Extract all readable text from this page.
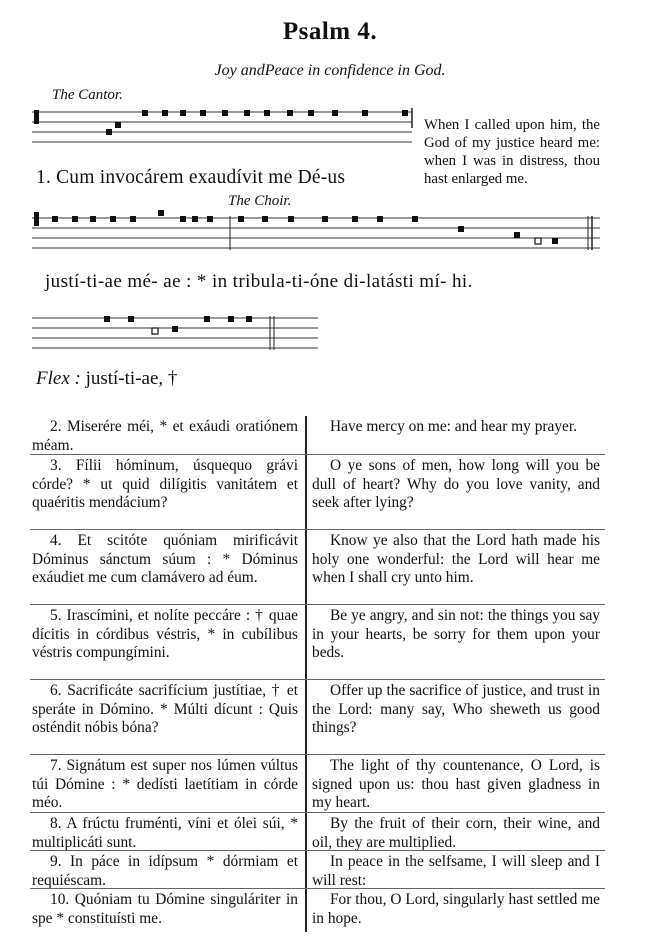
Psalm 4.
Joy andPeace in confidence in God.
The Cantor.
1. Cum invocárem exaudívit me Dé-us
When I called upon him, the God of my justice heard me: when I was in distress, thou hast enlarged me.
The Choir.
justí-ti-ae mé- ae : * in tribula-ti-óne di-latásti mí- hi.
Flex : justí-ti-ae, †
2. Miserére méi, * et exáudi oratiónem méam.
3. Fílii hóminum, úsquequo grávi córde? * ut quid dilígitis vanitátem et quaéritis mendácium?
4. Et scitóte quóniam mirificávit Dóminus sánctum súum : * Dóminus exáudiet me cum clamávero ad éum.
5. Irascímini, et nolíte peccáre : † quae dícitis in córdibus véstris, * in cubílibus véstris compungímini.
6. Sacrificáte sacrifícium justítiae, † et speráte in Dómino. * Múlti dícunt : Quis osténdit nóbis bóna?
7. Signátum est super nos lúmen vúltus túi Dómine : * dedísti laetítiam in córde méo.
8. A frúctu fruménti, víni et ólei súi, * multiplicáti sunt.
9. In páce in idípsum * dórmiam et requiéscam.
10. Quóniam tu Dómine singuláriter in spe * constituísti me.
Have mercy on me: and hear my prayer.
O ye sons of men, how long will you be dull of heart? Why do you love vanity, and seek after lying?
Know ye also that the Lord hath made his holy one wonderful: the Lord will hear me when I shall cry unto him.
Be ye angry, and sin not: the things you say in your hearts, be sorry for them upon your beds.
Offer up the sacrifice of justice, and trust in the Lord: many say, Who sheweth us good things?
The light of thy countenance, O Lord, is signed upon us: thou hast given gladness in my heart.
By the fruit of their corn, their wine, and oil, they are multiplied.
In peace in the selfsame, I will sleep and I will rest:
For thou, O Lord, singularly hast settled me in hope.
